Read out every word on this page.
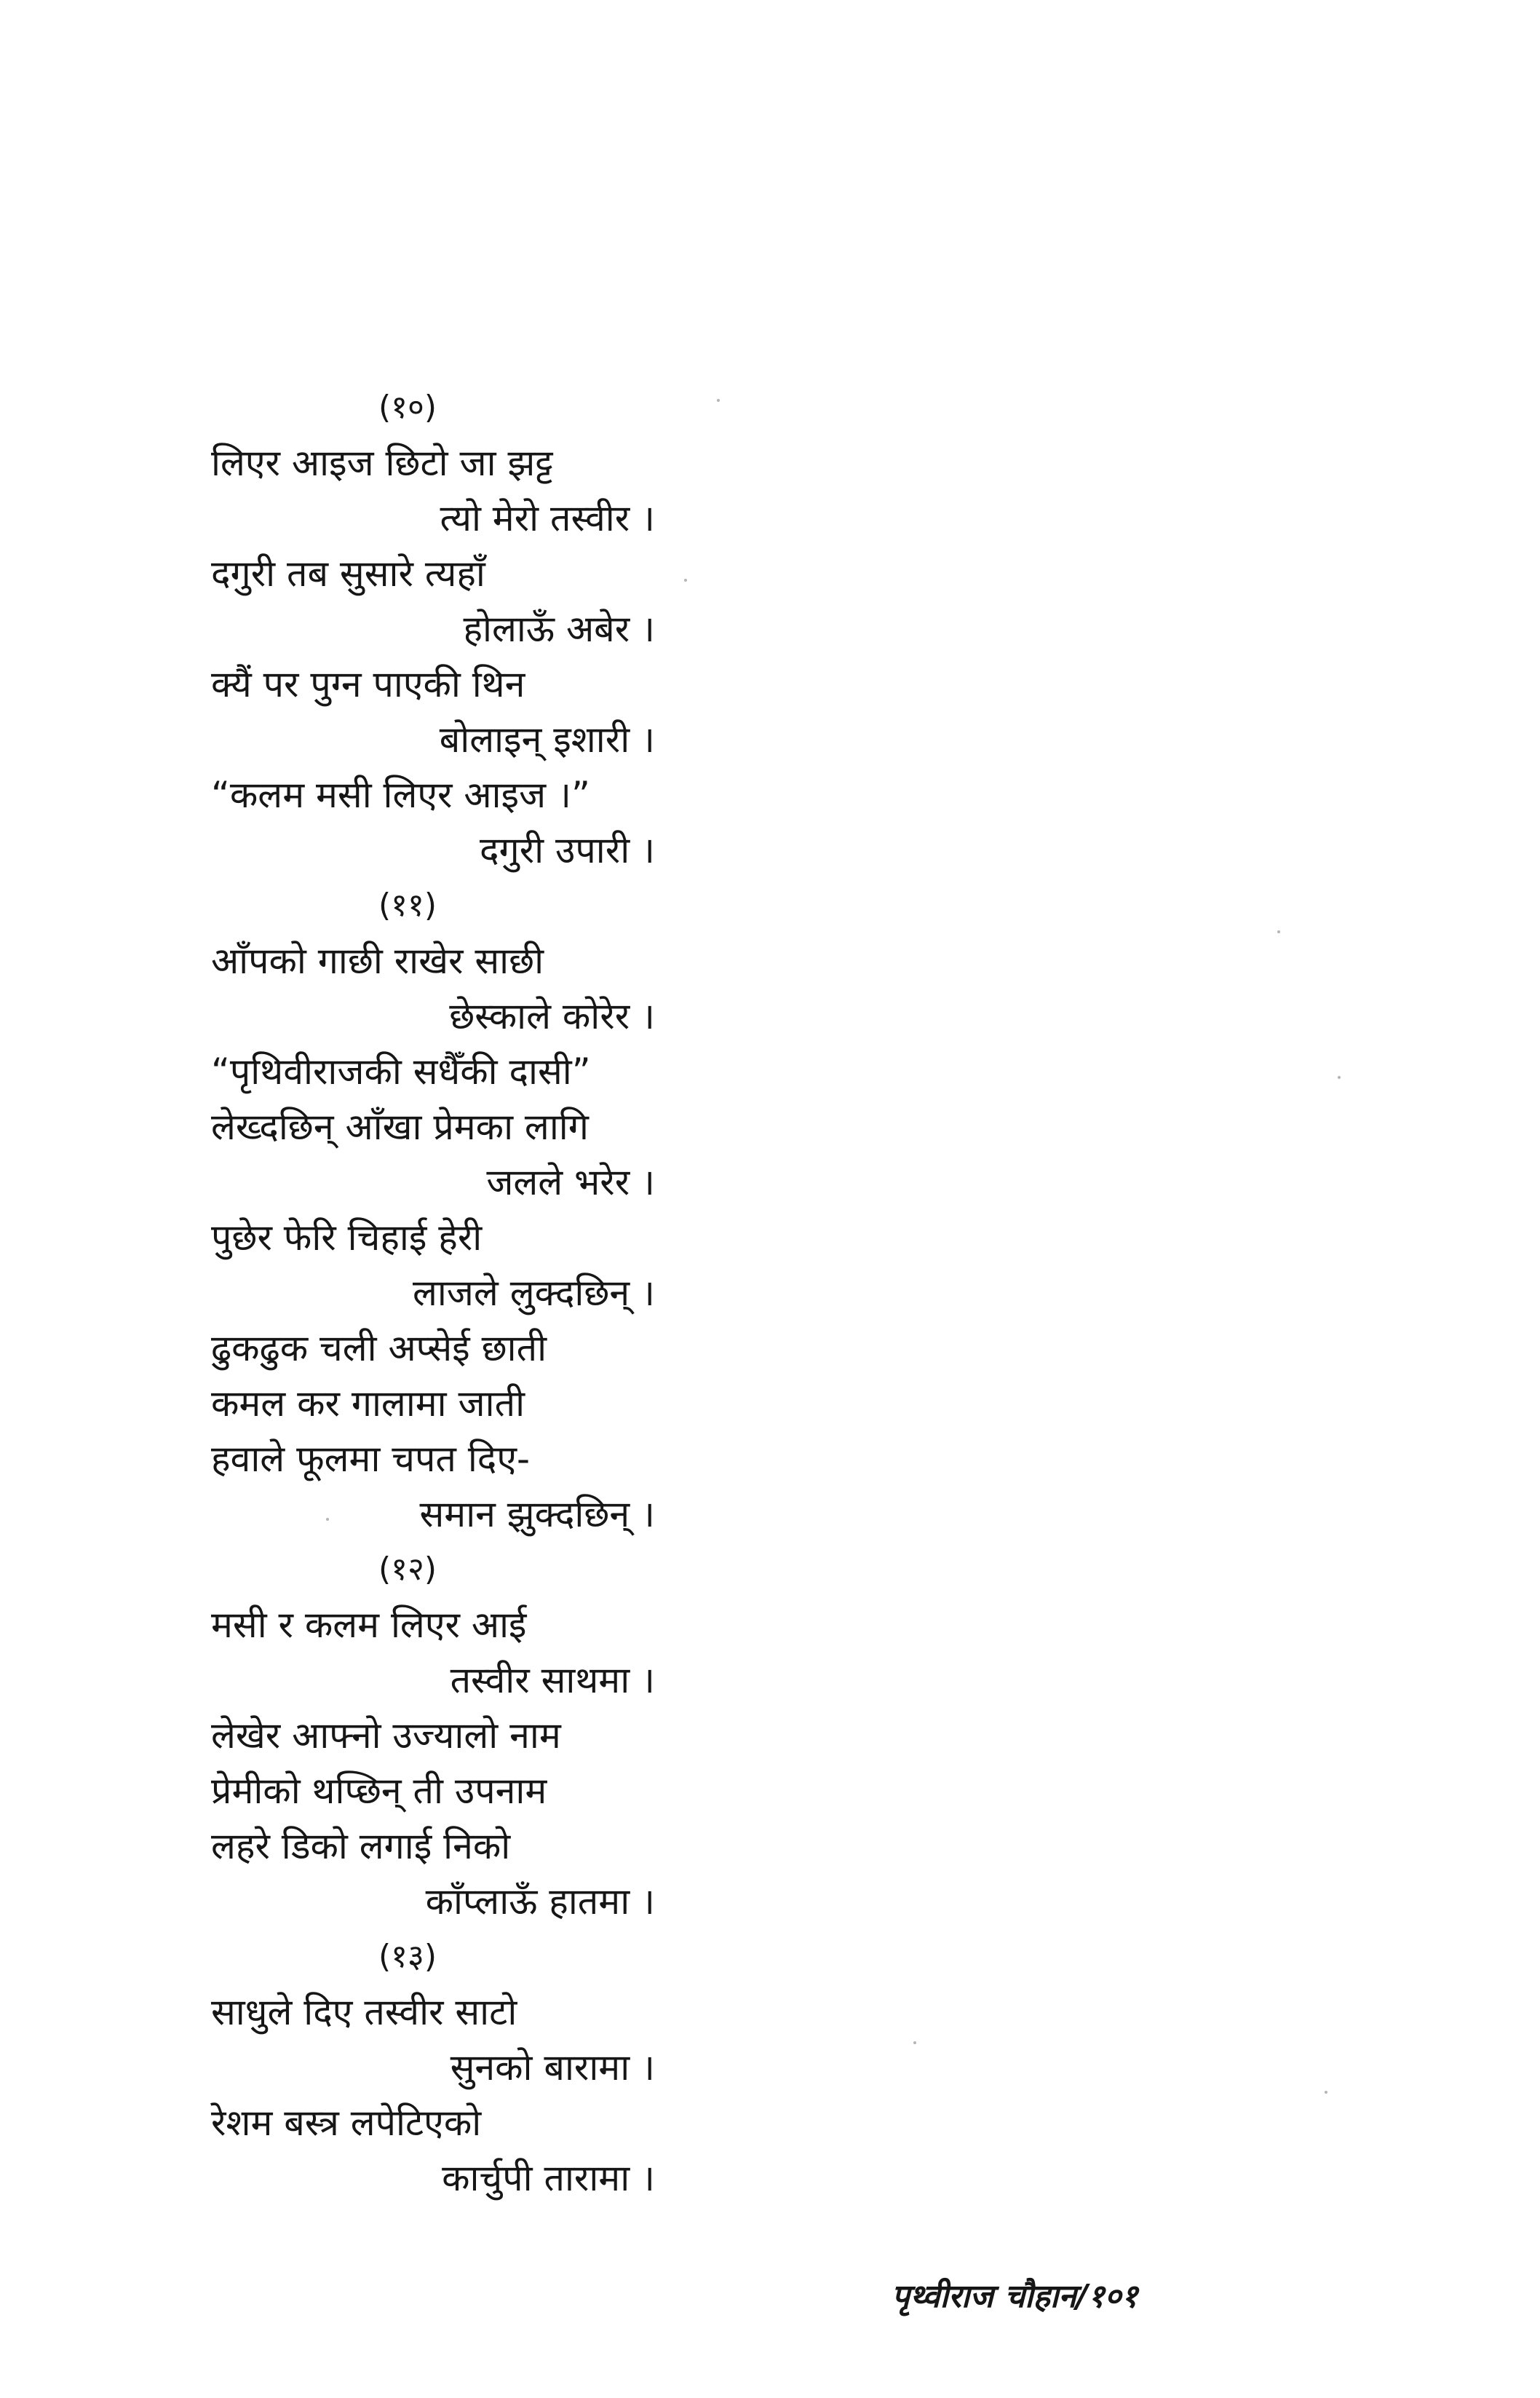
(१०)
लिएर आइज छिटो जा झट्ट
त्यो मेरो तस्वीर ।
दगुरी तब सुसारे त्यहाँ
होलाऊँ अबेर ।
क्यैं पर पुग्न पाएकी थिन
बोलाइन् इशारी ।
“कलम मसी लिएर आइज ।”
दगुरी उपारी ।
(११)
आँपको गाछी राखेर साछी
छेस्काले कोरेर ।
“पृथिवीराजकी सधैँकी दासी”
लेख्दछिन् आँखा प्रेमका लागि
जलले भरेर ।
पुछेर फेरि चिहाई हेरी
लाजले लुक्दछिन् ।
ढुकढुक चली अप्सेई छाती
कमल कर गालामा जाती
हवाले फूलमा चपत दिए-
समान झुक्दछिन् ।
(१२)
मसी र कलम लिएर आई
तस्वीर साथमा ।
लेखेर आफ्नो उज्यालो नाम
प्रेमीको थप्छिन् ती उपनाम
लहरे डिको लगाई निको
काँप्लाऊँ हातमा ।
(१३)
साधुले दिए तस्वीर साटो
सुनको बारामा ।
रेशम बस्त्र लपेटिएको
कार्चुपी तारामा ।
पृथ्वीराज चौहान/१०१
